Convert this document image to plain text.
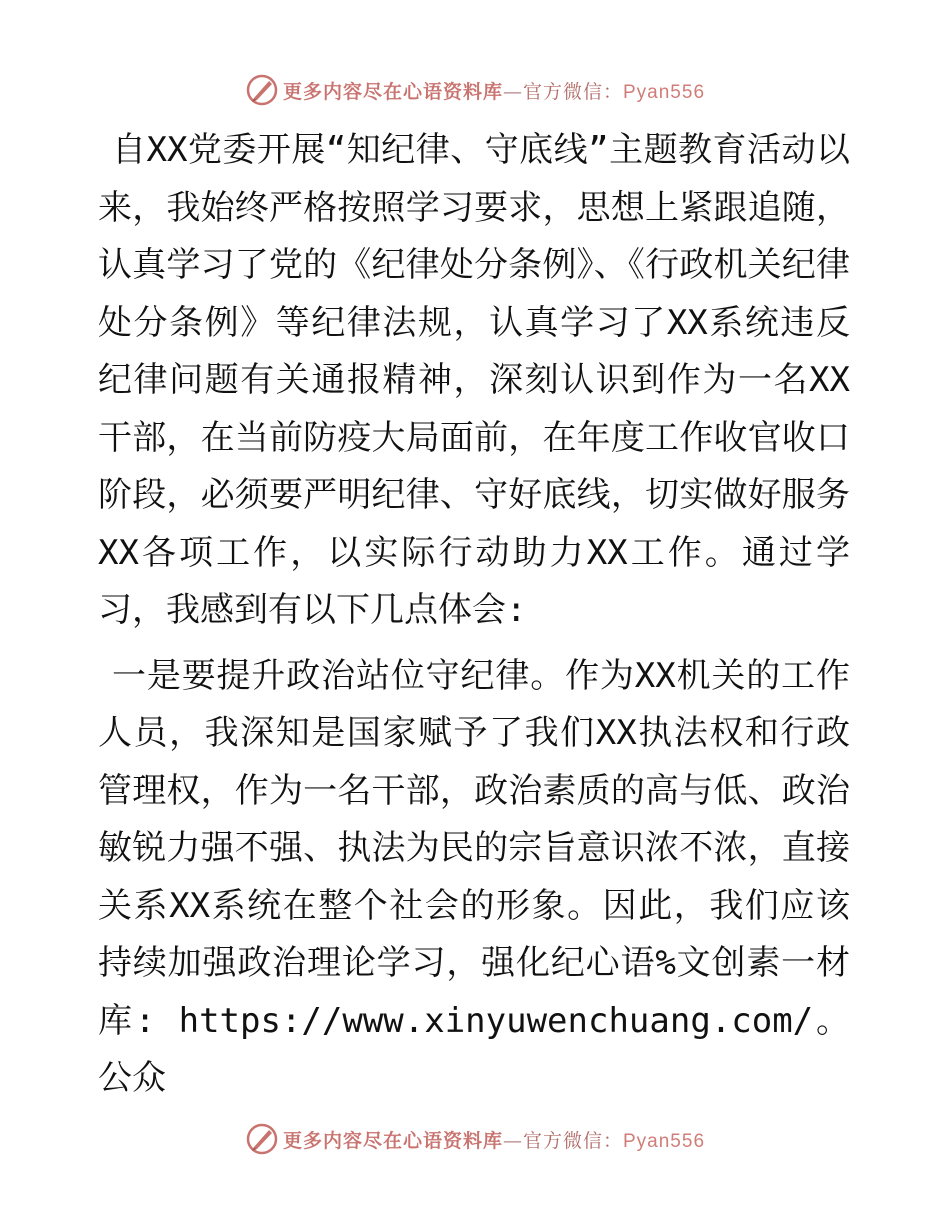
更多内容尽在心语资料库—官方微信：Pyan556

自XX党委开展“知纪律、守底线”主题教育活动以来，我始终严格按照学习要求，思想上紧跟追随，认真学习了党的《纪律处分条例》、《行政机关纪律处分条例》等纪律法规，认真学习了XX系统违反纪律问题有关通报精神，深刻认识到作为一名XX干部，在当前防疫大局面前，在年度工作收官收口阶段，必须要严明纪律、守好底线，切实做好服务XX各项工作，以实际行动助力XX工作。通过学习，我感到有以下几点体会:

一是要提升政治站位守纪律。作为XX机关的工作人员，我深知是国家赋予了我们XX执法权和行政管理权，作为一名干部，政治素质的高与低、政治敏锐力强不强、执法为民的宗旨意识浓不浓，直接关系XX系统在整个社会的形象。因此，我们应该持续加强政治理论学习，强化纪心语%文创素一材库: https://www.xinyuwenchuang.com/。公众

更多内容尽在心语资料库—官方微信：Pyan556
